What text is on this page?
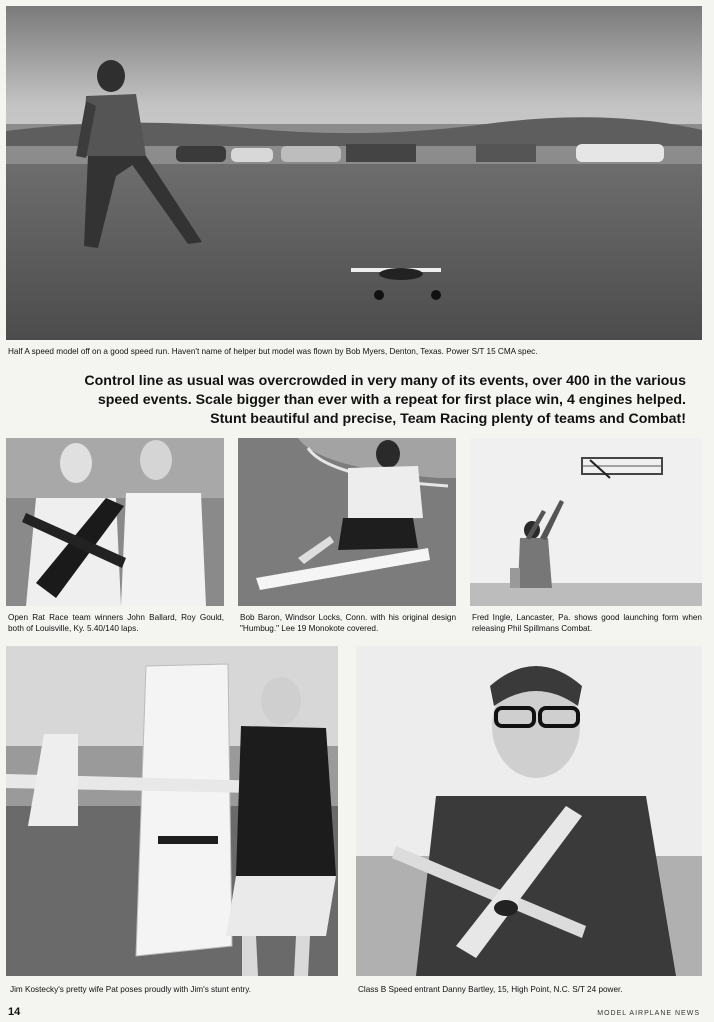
Half A speed model off on a good speed run. Haven't name of helper but model was flown by Bob Myers, Denton, Texas. Power S/T 15 CMA spec.
Control line as usual was overcrowded in very many of its events, over 400 in the various speed events. Scale bigger than ever with a repeat for first place win, 4 engines helped. Stunt beautiful and precise, Team Racing plenty of teams and Combat!
Open Rat Race team winners John Ballard, Roy Gould, both of Louisville, Ky. 5.40/140 laps.
Bob Baron, Windsor Locks, Conn. with his original design "Humbug." Lee 19 Monokote covered.
Fred Ingle, Lancaster, Pa. shows good launching form when releasing Phil Spillmans Combat.
Jim Kostecky's pretty wife Pat poses proudly with Jim's stunt entry.	Class B Speed entrant Danny Bartley, 15, High Point, N.C. S/T 24 power.
14	MODEL AIRPLANE NEWS
